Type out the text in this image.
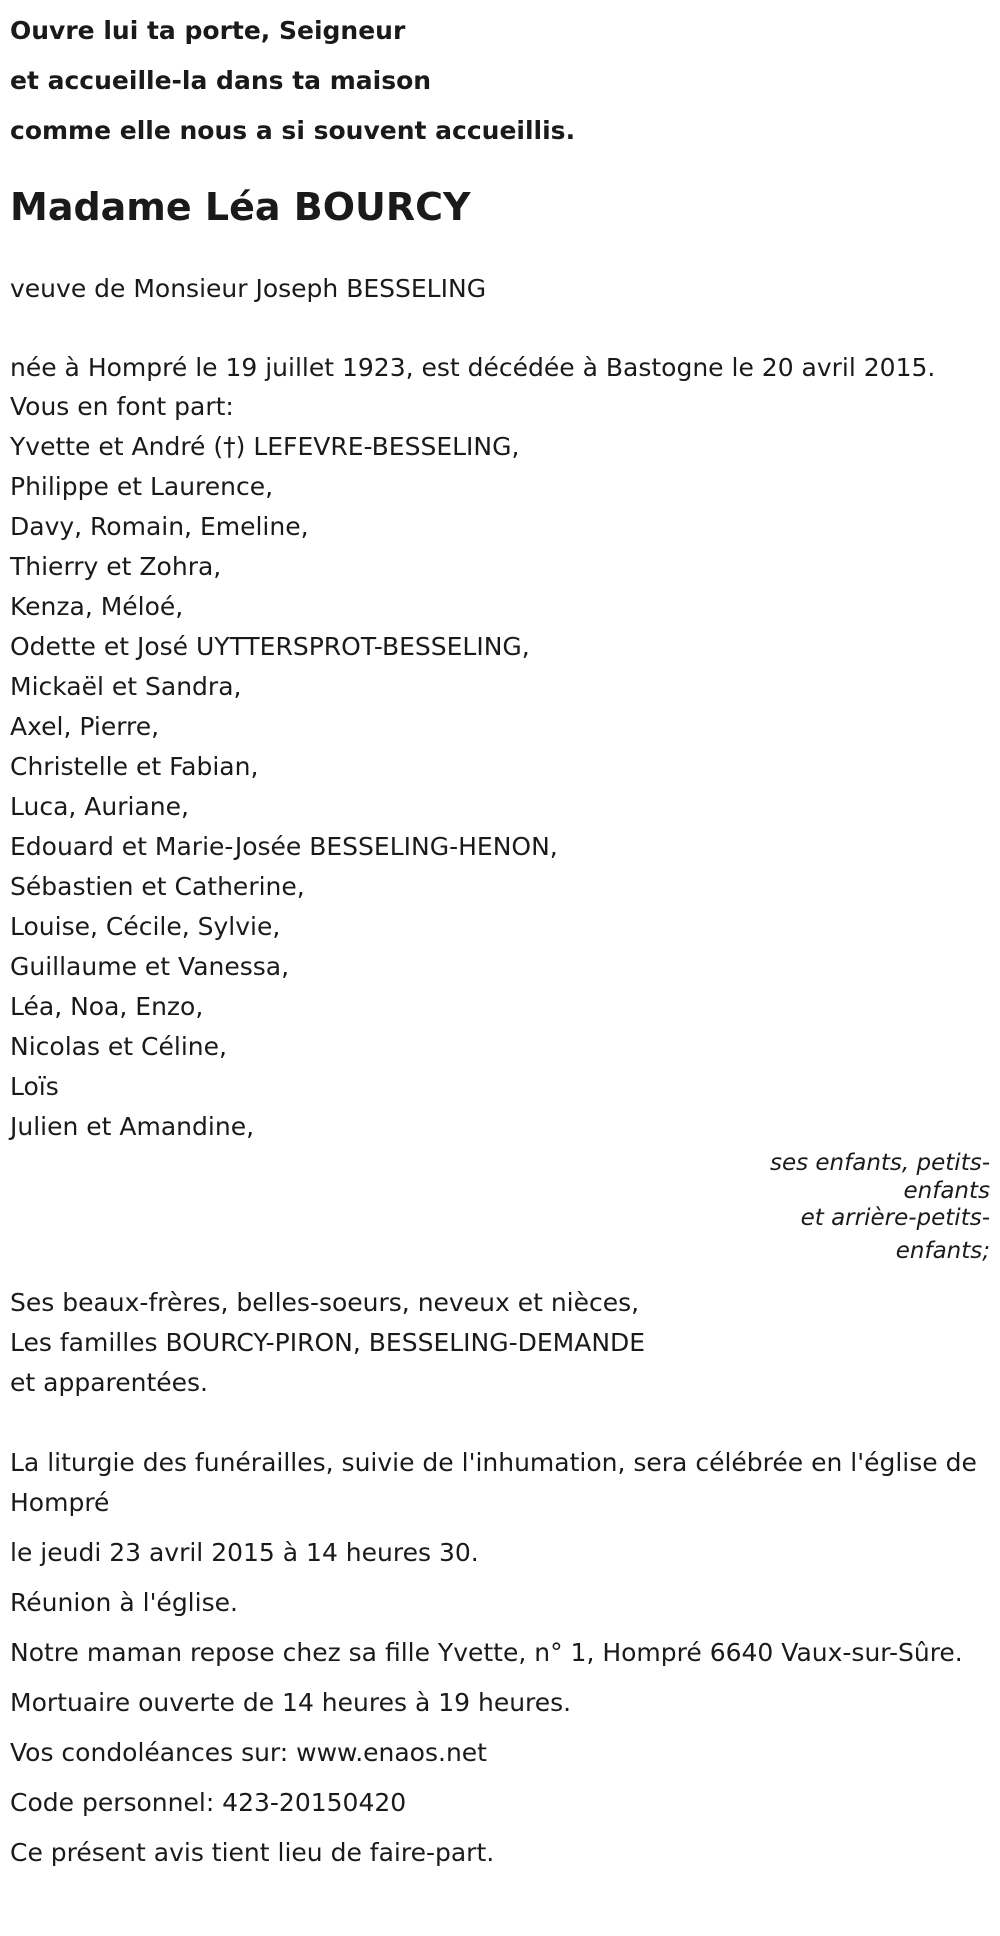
Ouvre lui ta porte, Seigneur
et accueille-la dans ta maison
comme elle nous a si souvent accueillis.
Madame Léa BOURCY
veuve de Monsieur Joseph BESSELING
née à Hompré le 19 juillet 1923, est décédée à Bastogne le 20 avril 2015.
Vous en font part:
Yvette et André (†) LEFEVRE-BESSELING,
Philippe et Laurence,
Davy, Romain, Emeline,
Thierry et Zohra,
Kenza, Méloé,
Odette et José UYTTERSPROT-BESSELING,
Mickaël et Sandra,
Axel, Pierre,
Christelle et Fabian,
Luca, Auriane,
Edouard et Marie-Josée BESSELING-HENON,
Sébastien et Catherine,
Louise, Cécile, Sylvie,
Guillaume et Vanessa,
Léa, Noa, Enzo,
Nicolas et Céline,
Loïs
Julien et Amandine,
ses enfants, petits-
enfants
et arrière-petits-
enfants;
Ses beaux-frères, belles-soeurs, neveux et nièces,
Les familles BOURCY-PIRON, BESSELING-DEMANDE
et apparentées.
La liturgie des funérailles, suivie de l'inhumation, sera célébrée en l'église de Hompré
le jeudi 23 avril 2015 à 14 heures 30.
Réunion à l'église.
Notre maman repose chez sa fille Yvette, n° 1, Hompré 6640 Vaux-sur-Sûre.
Mortuaire ouverte de 14 heures à 19 heures.
Vos condoléances sur: www.enaos.net
Code personnel: 423-20150420
Ce présent avis tient lieu de faire-part.
